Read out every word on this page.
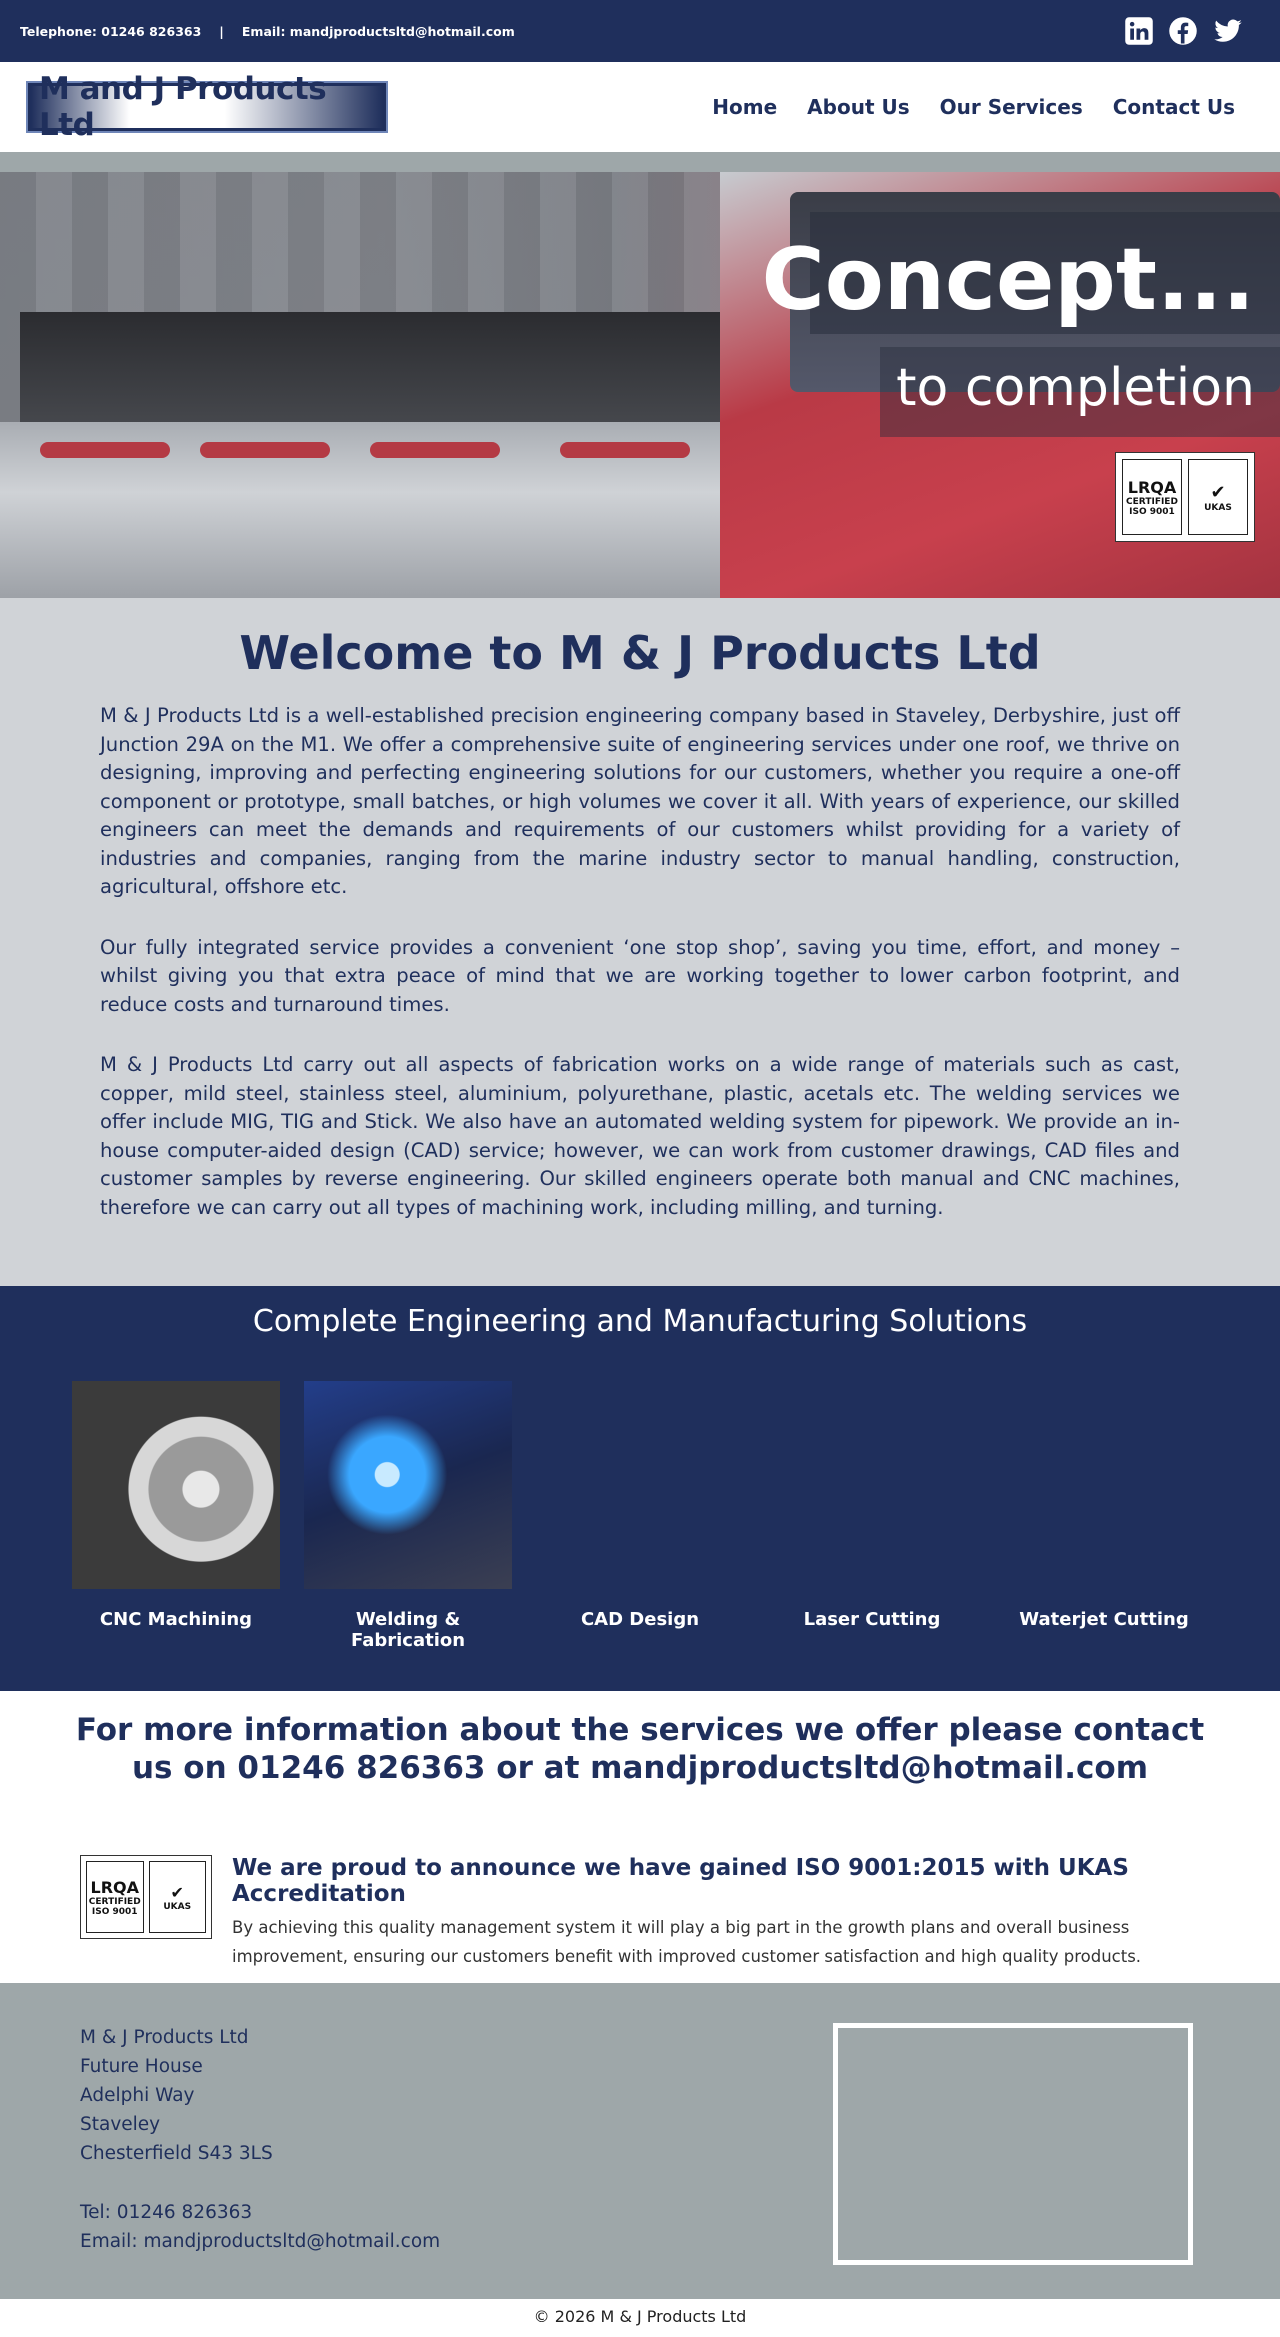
Telephone: 01246 826363 | Email: mandjproductsltd@hotmail.com
M and J Products Ltd	Home About Us Our Services Contact Us
Concept...
to completion
LRQA
CERTIFIED
ISO 9001
✔
UKAS
Welcome to M & J Products Ltd

M & J Products Ltd is a well-established precision engineering company based in Staveley, Derbyshire, just off Junction 29A on the M1. We offer a comprehensive suite of engineering services under one roof, we thrive on designing, improving and perfecting engineering solutions for our customers, whether you require a one-off component or prototype, small batches, or high volumes we cover it all. With years of experience, our skilled engineers can meet the demands and requirements of our customers whilst providing for a variety of industries and companies, ranging from the marine industry sector to manual handling, construction, agricultural, offshore etc.

Our fully integrated service provides a convenient ‘one stop shop’, saving you time, effort, and money – whilst giving you that extra peace of mind that we are working together to lower carbon footprint, and reduce costs and turnaround times.

M & J Products Ltd carry out all aspects of fabrication works on a wide range of materials such as cast, copper, mild steel, stainless steel, aluminium, polyurethane, plastic, acetals etc. The welding services we offer include MIG, TIG and Stick. We also have an automated welding system for pipework. We provide an in-house computer-aided design (CAD) service; however, we can work from customer drawings, CAD files and customer samples by reverse engineering. Our skilled engineers operate both manual and CNC machines, therefore we can carry out all types of machining work, including milling, and turning.

Complete Engineering and Manufacturing Solutions
CNC Machining	Welding & Fabrication
CAD Design	Laser Cutting	Waterjet Cutting

For more information about the services we offer please contact us on 01246 826363 or at mandjproductsltd@hotmail.com

LRQA
CERTIFIED
ISO 9001
✔
UKAS
We are proud to announce we have gained ISO 9001:2015 with UKAS Accreditation

By achieving this quality management system it will play a big part in the growth plans and overall business improvement, ensuring our customers benefit with improved customer satisfaction and high quality products.

M & J Products Ltd
Future House
Adelphi Way
Staveley
Chesterfield S43 3LS
Tel: 01246 826363
Email: mandjproductsltd@hotmail.com
© 2026 M & J Products Ltd
